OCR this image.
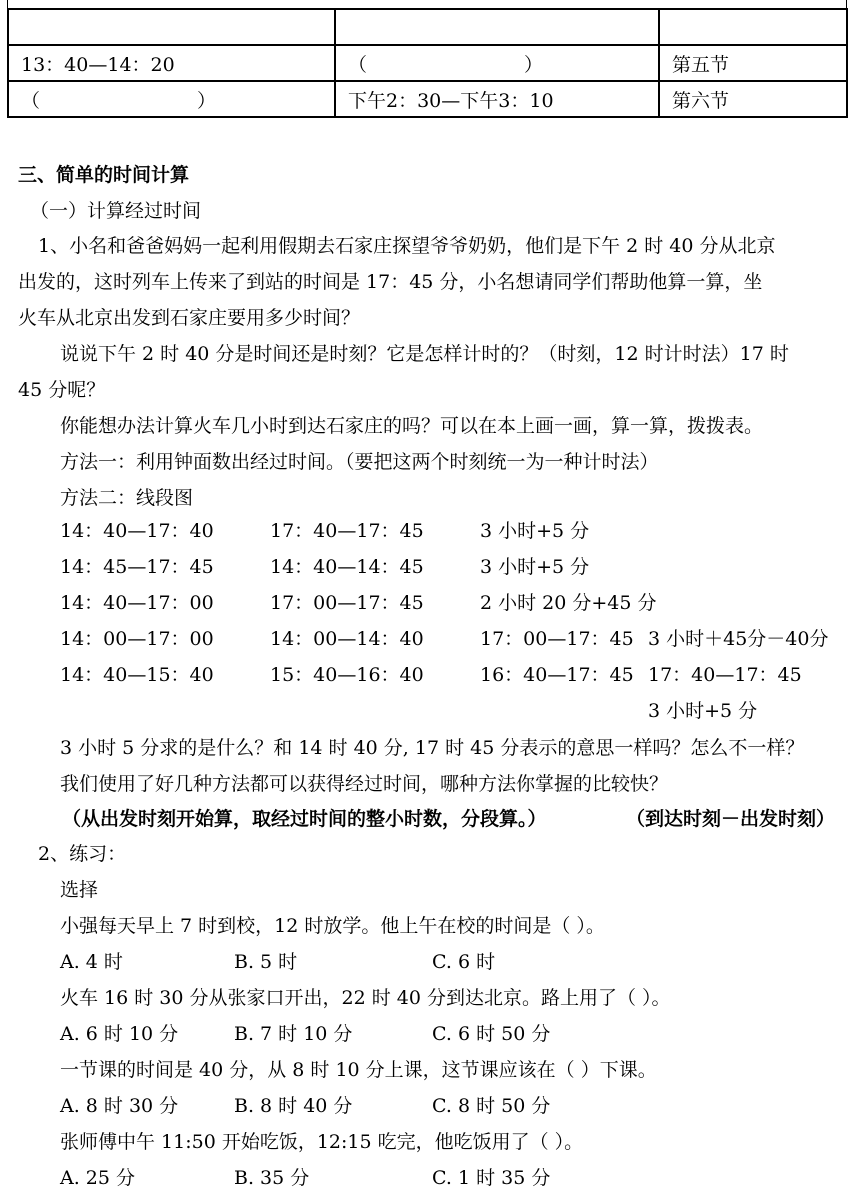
13：40—14：20	（                          ）	第五节
（                          ）	下午2：30—下午3：10	第六节
三、简单的时间计算
（一）计算经过时间
1、小名和爸爸妈妈一起利用假期去石家庄探望爷爷奶奶，他们是下午 2 时 40 分从北京
出发的，这时列车上传来了到站的时间是 17：45 分，小名想请同学们帮助他算一算，坐
火车从北京出发到石家庄要用多少时间？
说说下午 2 时 40 分是时间还是时刻？它是怎样计时的？（时刻，12 时计时法）17 时
45 分呢？
你能想办法计算火车几小时到达石家庄的吗？可以在本上画一画，算一算，拨拨表。
方法一：利用钟面数出经过时间。（要把这两个时刻统一为一种计时法）
方法二：线段图
14：40—17：40	17：40—17：45	3 小时+5 分
14：45—17：45	14：40—14：45	3 小时+5 分
14：40—17：00	17：00—17：45	2 小时 20 分+45 分
14：00—17：00	14：00—14：40	17：00—17：45 3 小时＋45分－40分
14：40—15：40	15：40—16：40	16：40—17：45 17：40—17：45
3 小时+5 分
3 小时 5 分求的是什么？和 14 时 40 分, 17 时 45 分表示的意思一样吗？怎么不一样？
我们使用了好几种方法都可以获得经过时间，哪种方法你掌握的比较快？
（从出发时刻开始算，取经过时间的整小时数，分段算。）	（到达时刻－出发时刻）
2、练习：
选择
小强每天早上 7 时到校，12 时放学。他上午在校的时间是（ ）。
A. 4 时	B. 5 时	C. 6 时
火车 16 时 30 分从张家口开出，22 时 40 分到达北京。路上用了（ ）。
A. 6 时 10 分	B. 7 时 10 分	C. 6 时 50 分
一节课的时间是 40 分，从 8 时 10 分上课，这节课应该在（ ）下课。
A. 8 时 30 分	B. 8 时 40 分	C. 8 时 50 分
张师傅中午 11:50 开始吃饭，12:15 吃完，他吃饭用了（ ）。
A. 25 分	B. 35 分	C. 1 时 35 分
